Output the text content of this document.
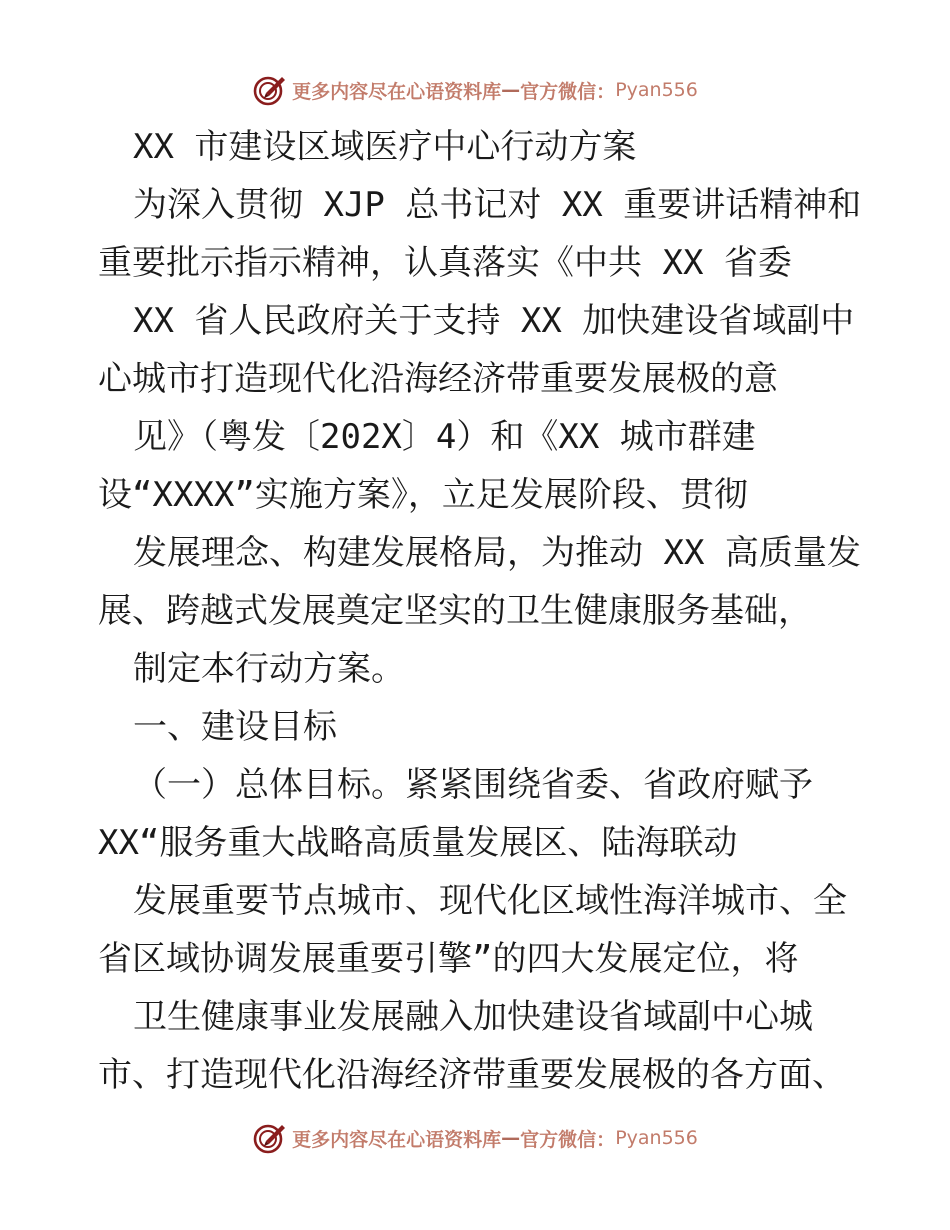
更多内容尽在心语资料库 — 官方微信： Pyan556
XX 市建设区域医疗中心行动方案
为深入贯彻 XJP 总书记对 XX 重要讲话精神和
重要批示指示精神，认真落实《中共 XX 省委
XX 省人民政府关于支持 XX 加快建设省域副中
心城市打造现代化沿海经济带重要发展极的意
见》（粤发〔202X〕4）和《XX 城市群建
设“XXXX”实施方案》，立足发展阶段、贯彻
发展理念、构建发展格局，为推动 XX 高质量发
展、跨越式发展奠定坚实的卫生健康服务基础，
制定本行动方案。
一、建设目标
（一）总体目标。紧紧围绕省委、省政府赋予
XX“服务重大战略高质量发展区、陆海联动
发展重要节点城市、现代化区域性海洋城市、全
省区域协调发展重要引擎”的四大发展定位，将
卫生健康事业发展融入加快建设省域副中心城
市、打造现代化沿海经济带重要发展极的各方面、
更多内容尽在心语资料库 — 官方微信： Pyan556
